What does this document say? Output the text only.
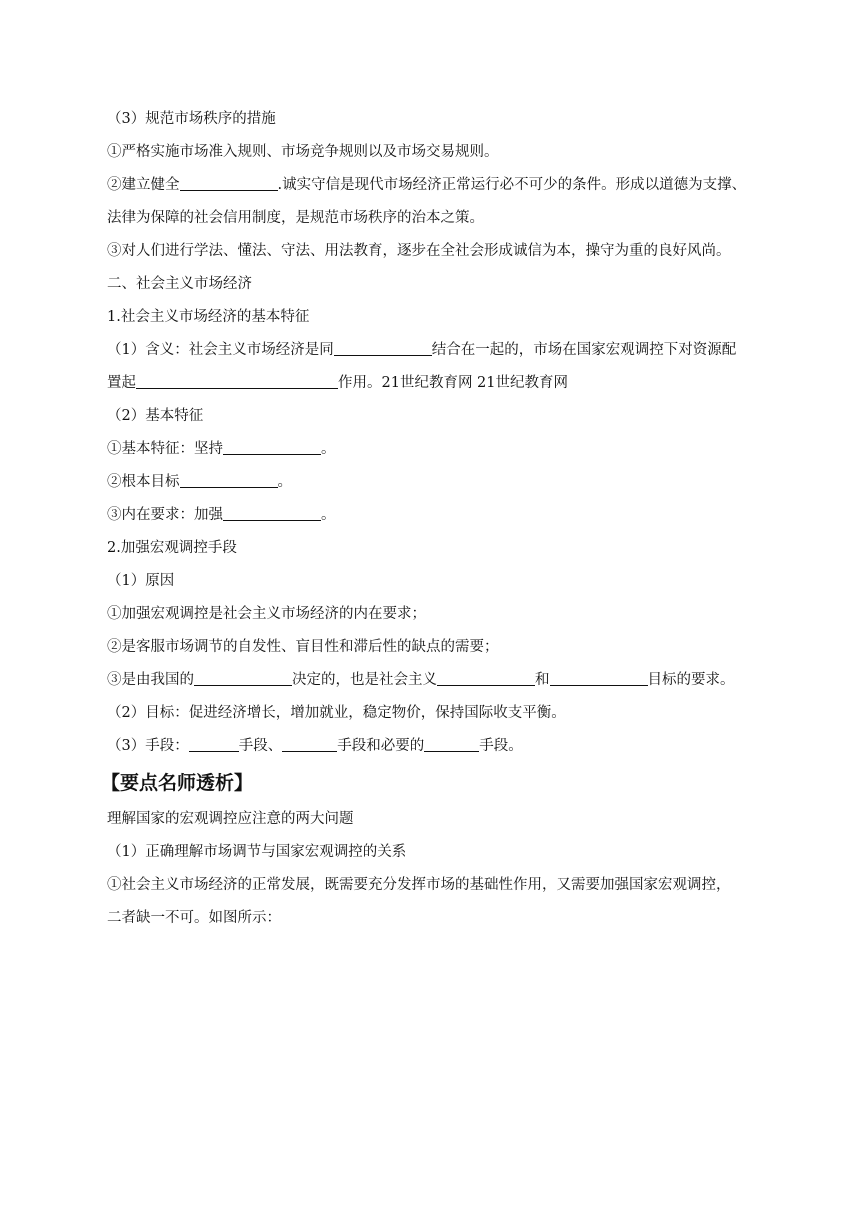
（3）规范市场秩序的措施
①严格实施市场准入规则、市场竞争规则以及市场交易规则。
②建立健全	.诚实守信是现代市场经济正常运行必不可少的条件。形成以道德为支撑、
法律为保障的社会信用制度，是规范市场秩序的治本之策。
③对人们进行学法、懂法、守法、用法教育，逐步在全社会形成诚信为本，操守为重的良好风尚。
二、社会主义市场经济
1.社会主义市场经济的基本特征
（1）含义：社会主义市场经济是同	结合在一起的，市场在国家宏观调控下对资源配
置起	作用。21世纪教育网 21世纪教育网
（2）基本特征
①基本特征：坚持	。
②根本目标	。
③内在要求：加强	。
2.加强宏观调控手段
（1）原因
①加强宏观调控是社会主义市场经济的内在要求；
②是客服市场调节的自发性、盲目性和滞后性的缺点的需要；
③是由我国的	决定的，也是社会主义	和	目标的要求。
（2）目标：促进经济增长，增加就业，稳定物价，保持国际收支平衡。
（3）手段：	手段、	手段和必要的	手段。
【要点名师透析】
理解国家的宏观调控应注意的两大问题
（1）正确理解市场调节与国家宏观调控的关系
①社会主义市场经济的正常发展，既需要充分发挥市场的基础性作用，又需要加强国家宏观调控，
二者缺一不可。如图所示：
